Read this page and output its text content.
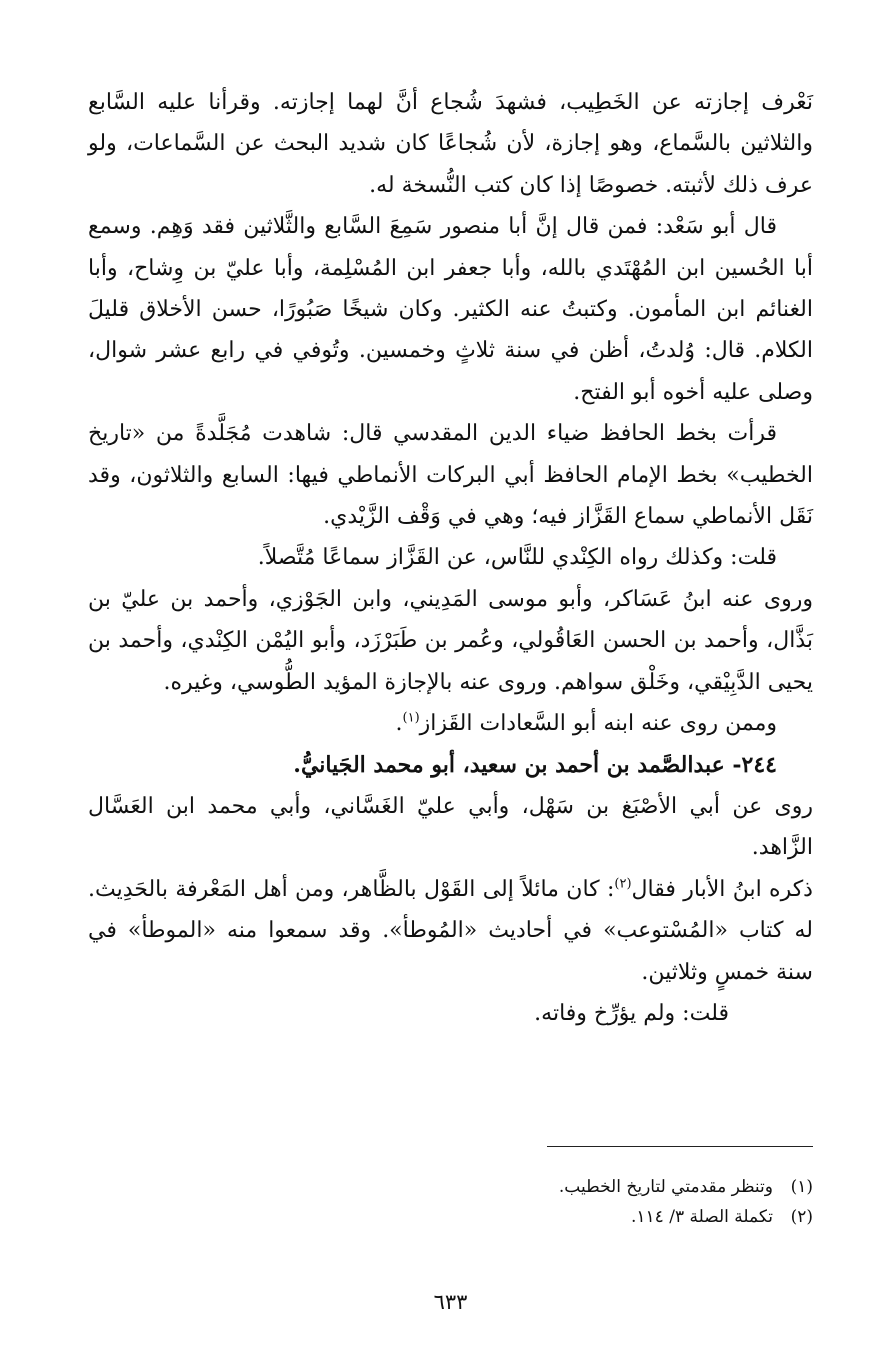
نَعْرف إجازته عن الخَطِيب، فشهدَ شُجاع أنَّ لهما إجازته. وقرأنا عليه السَّابع والثلاثين بالسَّماع، وهو إجازة، لأن شُجاعًا كان شديد البحث عن السَّماعات، ولو عرف ذلك لأثبته. خصوصًا إذا كان كتب النُّسخة له.

قال أبو سَعْد: فمن قال إنَّ أبا منصور سَمِعَ السَّابع والثَّلاثين فقد وَهِم. وسمع أبا الحُسين ابن المُهْتَدي بالله، وأبا جعفر ابن المُسْلِمة، وأبا عليّ بن وِشاح، وأبا الغنائم ابن المأمون. وكتبتُ عنه الكثير. وكان شيخًا صَبُورًا، حسن الأخلاق قليلَ الكلام. قال: وُلدتُ، أظن في سنة ثلاثٍ وخمسين. وتُوفي في رابع عشر شوال، وصلى عليه أخوه أبو الفتح.

قرأت بخط الحافظ ضياء الدين المقدسي قال: شاهدت مُجَلَّدةً من «تاريخ الخطيب» بخط الإمام الحافظ أبي البركات الأنماطي فيها: السابع والثلاثون، وقد نَقَل الأنماطي سماع القَزَّاز فيه؛ وهي في وَقْف الزَّيْدي.

قلت: وكذلك رواه الكِنْدي للنَّاس، عن القَزَّاز سماعًا مُتَّصلاً.

وروى عنه ابنُ عَسَاكر، وأبو موسى المَدِيني، وابن الجَوْزي، وأحمد بن عليّ بن بَذَّال، وأحمد بن الحسن العَاقُولي، وعُمر بن طَبَرْزَد، وأبو اليُمْن الكِنْدي، وأحمد بن يحيى الدَّبِيْقي، وخَلْق سواهم. وروى عنه بالإجازة المؤيد الطُّوسي، وغيره.

وممن روى عنه ابنه أبو السَّعادات القَزاز$^{(١)}$.

٢٤٤- عبدالصَّمد بن أحمد بن سعيد، أبو محمد الجَيانيُّ.

روى عن أبي الأصْبَغ بن سَهْل، وأبي عليّ الغَسَّاني، وأبي محمد ابن العَسَّال الزَّاهد.

ذكره ابنُ الأبار فقال$^{(٢)}$: كان مائلاً إلى القَوْل بالظَّاهر، ومن أهل المَعْرفة بالحَدِيث. له كتاب «المُسْتوعب» في أحاديث «المُوطأ». وقد سمعوا منه «الموطأ» في سنة خمسٍ وثلاثين.

قلت: ولم يؤرِّخ وفاته.

(١)
وتنظر مقدمتي لتاريخ الخطيب.
(٢)
تكملة الصلة ٣/ ١١٤.
٦٣٣
